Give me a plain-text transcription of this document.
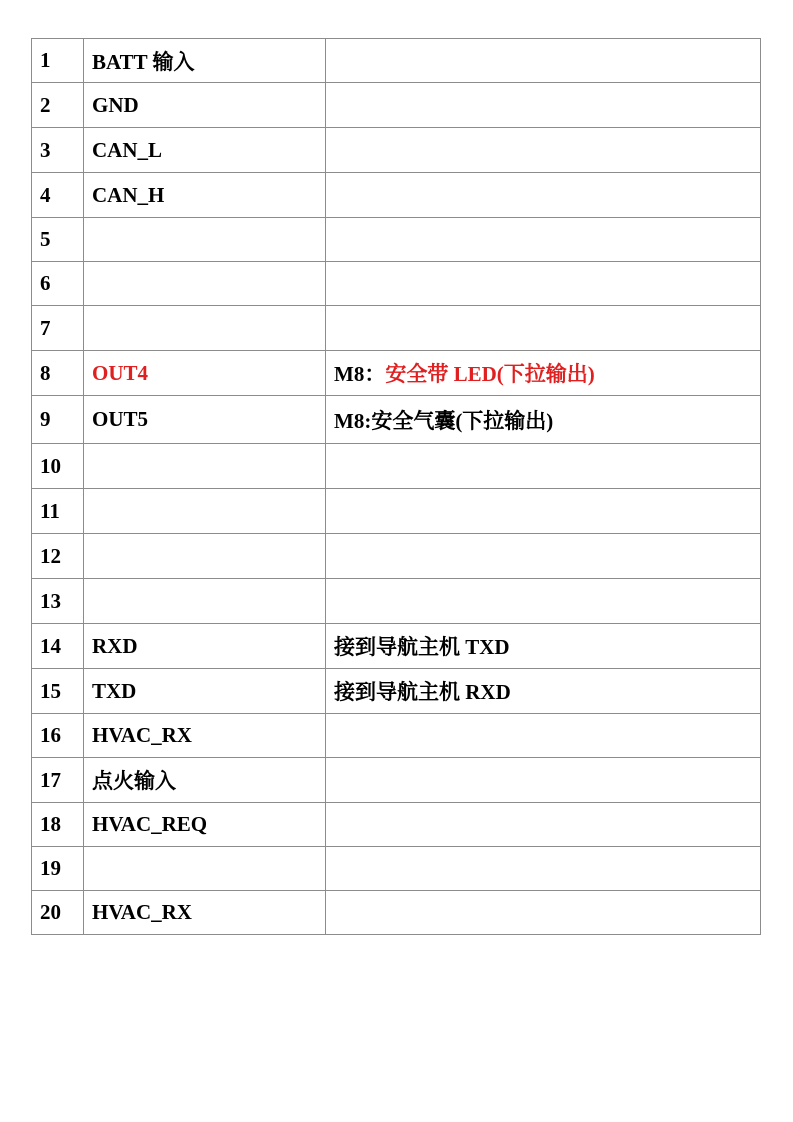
1	BATT 输入	
2	GND	
3	CAN_L	
4	CAN_H	
5		
6		
7		
8	OUT4	M8：安全带 LED(下拉输出)
9	OUT5	M8:安全气囊(下拉输出)
10		
11		
12		
13		
14	RXD	接到导航主机 TXD
15	TXD	接到导航主机 RXD
16	HVAC_RX	
17	点火输入	
18	HVAC_REQ	
19		
20	HVAC_RX	
